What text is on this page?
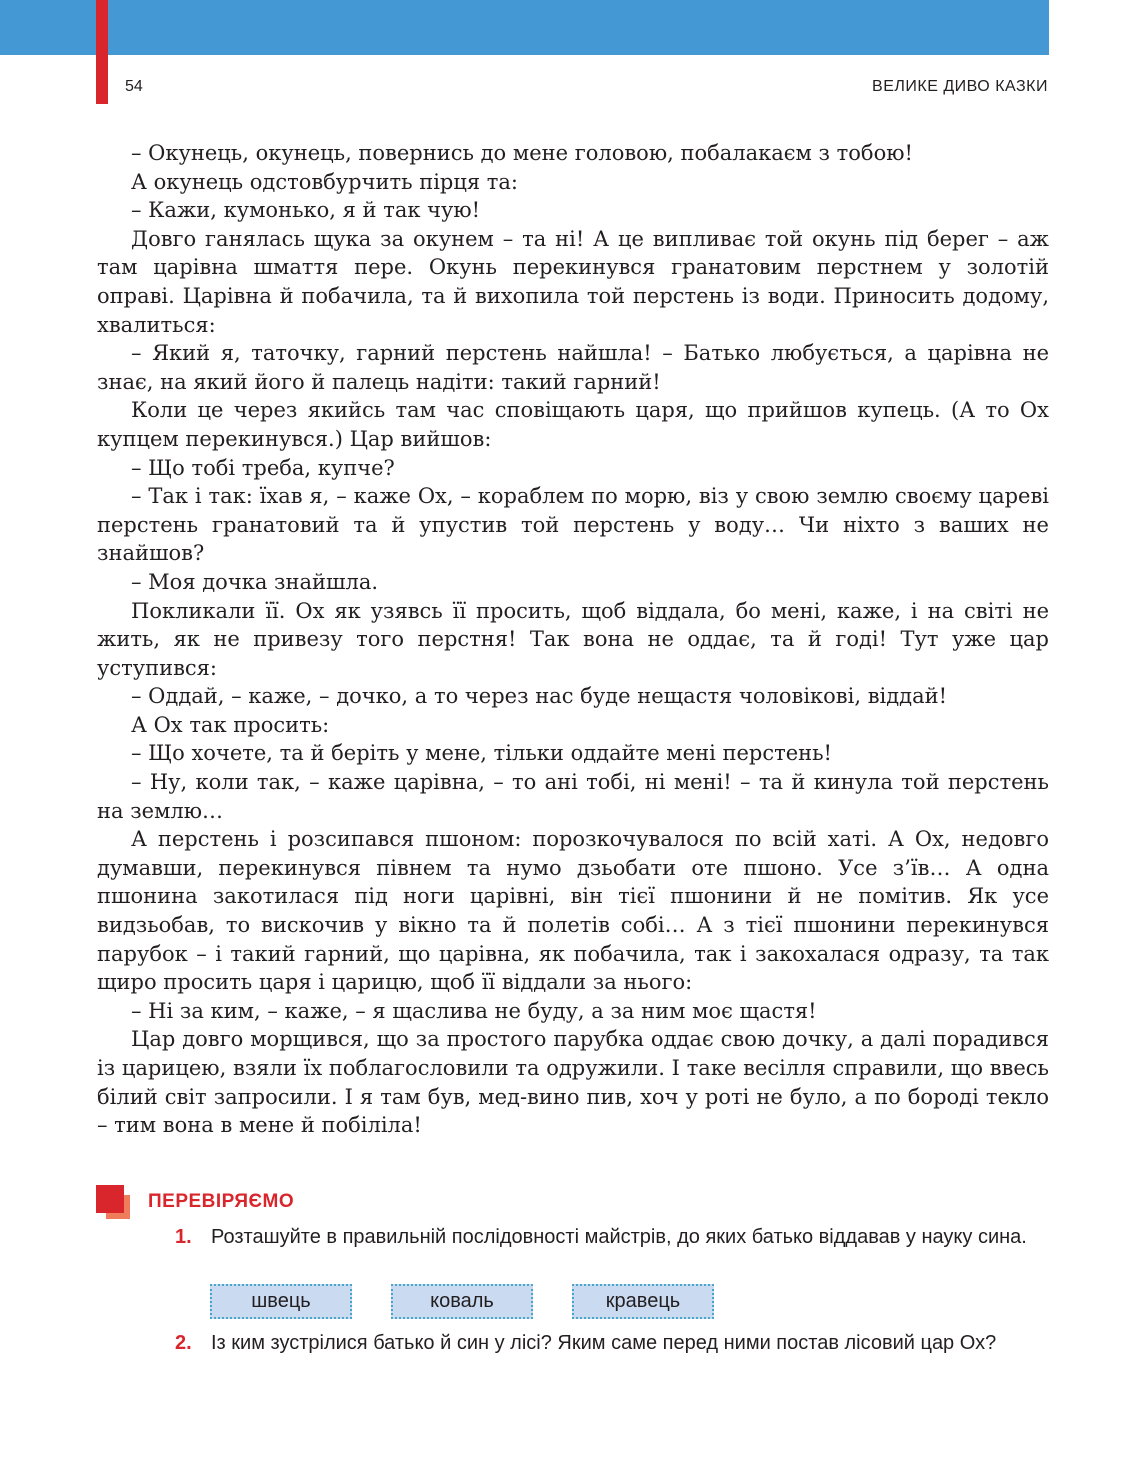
54	ВЕЛИКЕ ДИВО КАЗКИ

– Окунець, окунець, повернись до мене головою, побалакаєм з тобою!

А окунець одстовбурчить пірця та:

– Кажи, кумонько, я й так чую!

Довго ганялась щука за окунем – та ні! А це випливає той окунь під берег – аж там царівна шмаття пере. Окунь перекинувся гранатовим перстнем у золотій оправі. Царівна й побачила, та й вихопила той перстень із води. Приносить додому, хвалиться:

– Який я, таточку, гарний перстень найшла! – Батько любується, а царівна не знає, на який його й палець надіти: такий гарний!

Коли це через якийсь там час сповіщають царя, що прийшов купець. (А то Ох купцем перекинувся.) Цар вийшов:

– Що тобі треба, купче?

– Так і так: їхав я, – каже Ох, – кораблем по морю, віз у свою землю своєму цареві перстень гранатовий та й упустив той перстень у воду… Чи ніхто з ваших не знайшов?

– Моя дочка знайшла.

Покликали її. Ох як узявсь її просить, щоб віддала, бо мені, каже, і на світі не жить, як не привезу того перстня! Так вона не оддає, та й годі! Тут уже цар уступився:

– Оддай, – каже, – дочко, а то через нас буде нещастя чоловікові, віддай!

А Ох так просить:

– Що хочете, та й беріть у мене, тільки оддайте мені перстень!

– Ну, коли так, – каже царівна, – то ані тобі, ні мені! – та й кинула той перстень на землю…

А перстень і розсипався пшоном: порозкочувалося по всій хаті. А Ох, недовго думавши, перекинувся півнем та нумо дзьобати оте пшоно. Усе з’їв… А одна пшонина закотилася під ноги царівні, він тієї пшонини й не помітив. Як усе видзьобав, то вискочив у вікно та й полетів собі… А з тієї пшонини перекинувся парубок – і такий гарний, що царівна, як побачила, так і закохалася одразу, та так щиро просить царя і царицю, щоб її віддали за нього:

– Ні за ким, – каже, – я щаслива не буду, а за ним моє щастя!

Цар довго морщився, що за простого парубка оддає свою дочку, а далі порадився із царицею, взяли їх поблагословили та одружили. І таке весілля справили, що ввесь білий світ запросили. І я там був, мед-вино пив, хоч у роті не було, а по бороді текло – тим вона в мене й побіліла!

ПЕРЕВІРЯЄМО
1. Розташуйте в правильній послідовності майстрів, до яких батько віддавав у науку сина.
швець	коваль	кравець
2. Із ким зустрілися батько й син у лісі? Яким саме перед ними постав лісовий цар Ох?
